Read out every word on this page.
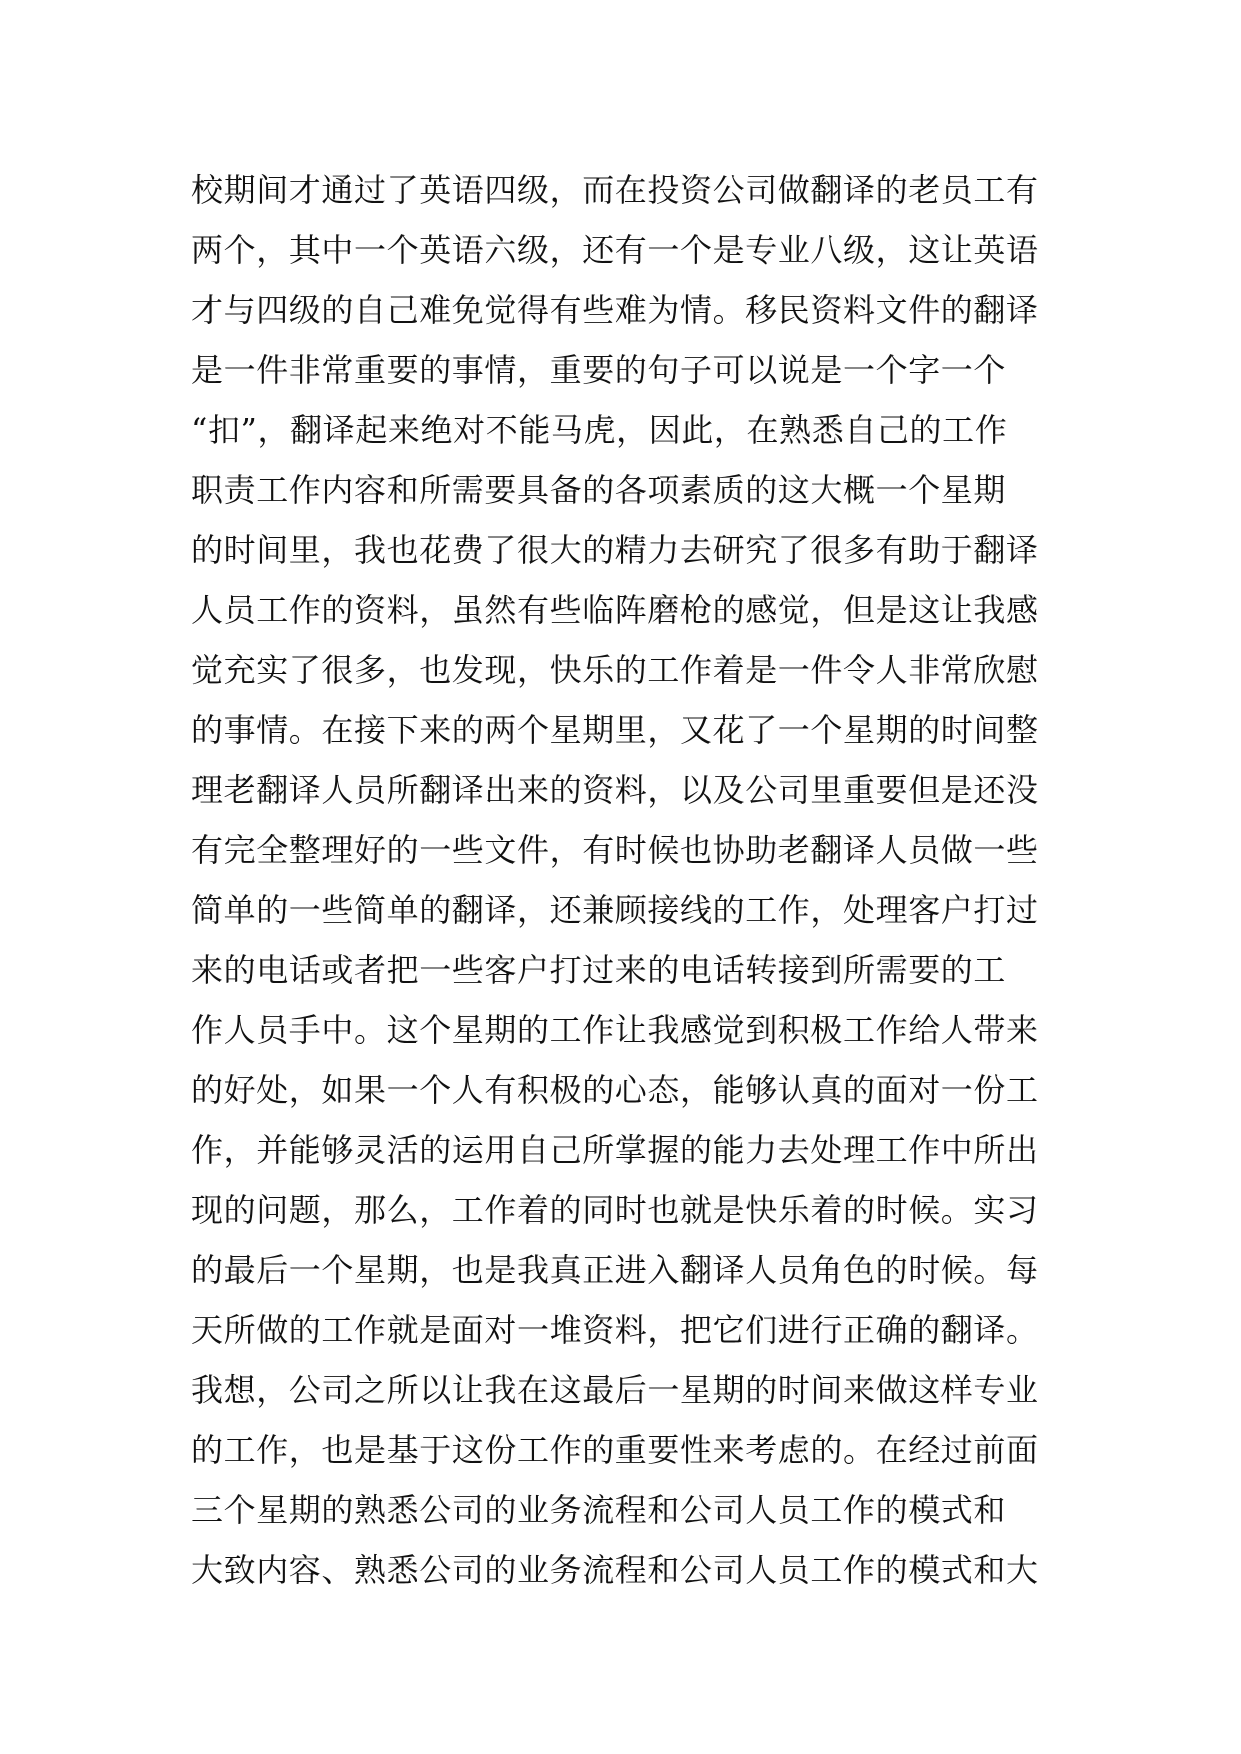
校期间才通过了英语四级，而在投资公司做翻译的老员工有
两个，其中一个英语六级，还有一个是专业八级，这让英语
才与四级的自己难免觉得有些难为情。移民资料文件的翻译
是一件非常重要的事情，重要的句子可以说是一个字一个
“扣”，翻译起来绝对不能马虎，因此，在熟悉自己的工作
职责工作内容和所需要具备的各项素质的这大概一个星期
的时间里，我也花费了很大的精力去研究了很多有助于翻译
人员工作的资料，虽然有些临阵磨枪的感觉，但是这让我感
觉充实了很多，也发现，快乐的工作着是一件令人非常欣慰
的事情。在接下来的两个星期里，又花了一个星期的时间整
理老翻译人员所翻译出来的资料，以及公司里重要但是还没
有完全整理好的一些文件，有时候也协助老翻译人员做一些
简单的一些简单的翻译，还兼顾接线的工作，处理客户打过
来的电话或者把一些客户打过来的电话转接到所需要的工
作人员手中。这个星期的工作让我感觉到积极工作给人带来
的好处，如果一个人有积极的心态，能够认真的面对一份工
作，并能够灵活的运用自己所掌握的能力去处理工作中所出
现的问题，那么，工作着的同时也就是快乐着的时候。实习
的最后一个星期，也是我真正进入翻译人员角色的时候。每
天所做的工作就是面对一堆资料，把它们进行正确的翻译。
我想，公司之所以让我在这最后一星期的时间来做这样专业
的工作，也是基于这份工作的重要性来考虑的。在经过前面
三个星期的熟悉公司的业务流程和公司人员工作的模式和
大致内容、熟悉公司的业务流程和公司人员工作的模式和大
